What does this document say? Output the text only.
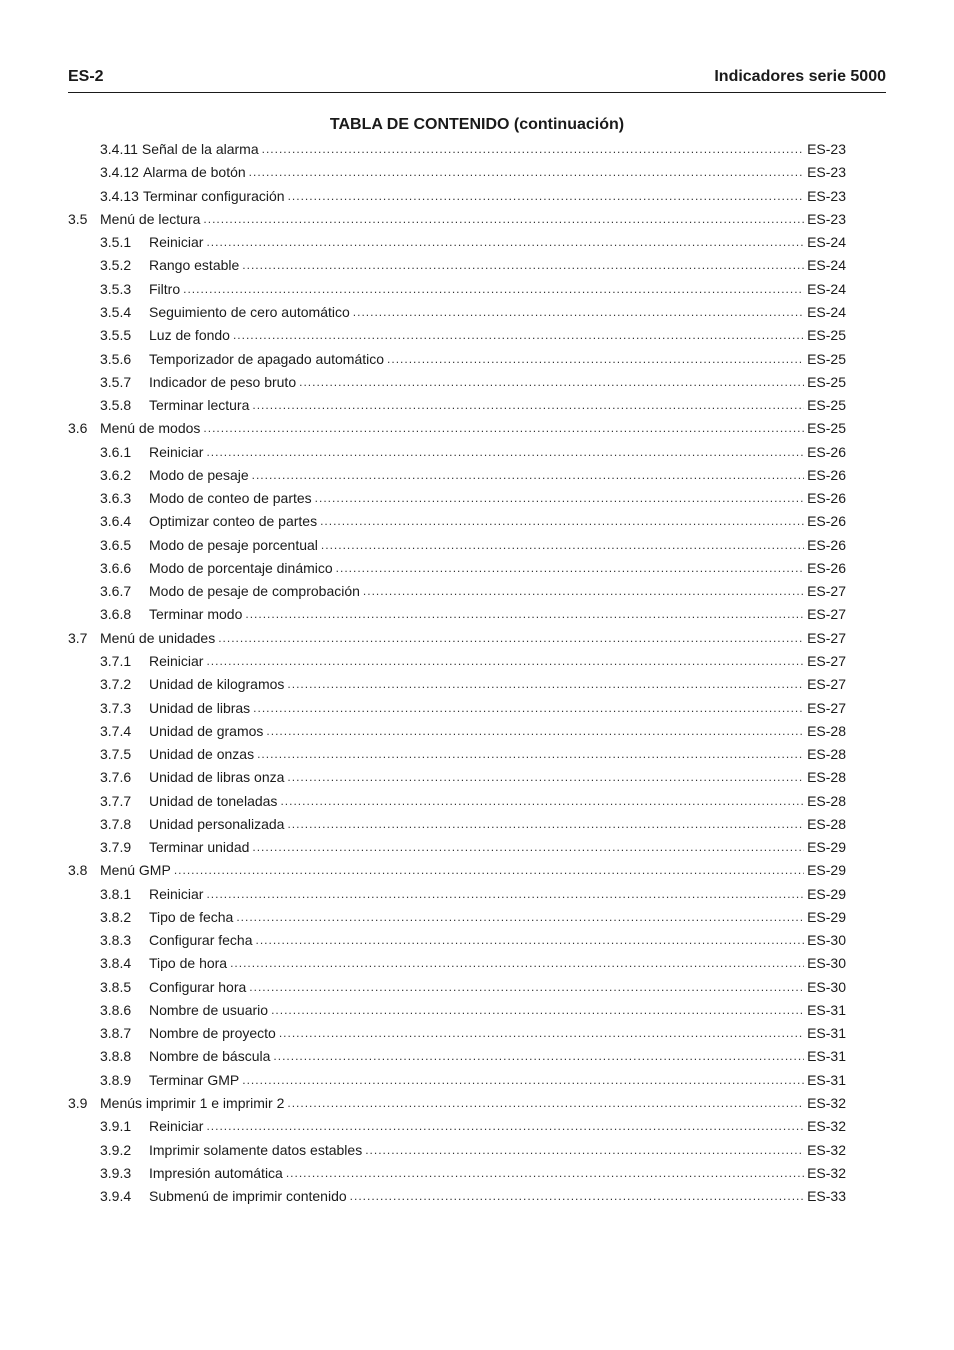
ES-2	Indicadores serie 5000
TABLA DE CONTENIDO (continuación)
3.4.11 Señal de la alarma .....	ES-23
3.4.12 Alarma de botón .....	ES-23
3.4.13 Terminar configuración .....	ES-23
3.5 Menú de lectura .....	ES-23
3.5.1	Reiniciar .....	ES-24
3.5.2	Rango estable .....	ES-24
3.5.3	Filtro .....	ES-24
3.5.4	Seguimiento de cero automático .....	ES-24
3.5.5	Luz de fondo .....	ES-25
3.5.6	Temporizador de apagado automático .....	ES-25
3.5.7	Indicador de peso bruto .....	ES-25
3.5.8	Terminar lectura .....	ES-25
3.6 Menú de modos .....	ES-25
3.6.1	Reiniciar .....	ES-26
3.6.2	Modo de pesaje .....	ES-26
3.6.3	Modo de conteo de partes .....	ES-26
3.6.4	Optimizar conteo de partes .....	ES-26
3.6.5	Modo de pesaje porcentual .....	ES-26
3.6.6	Modo de porcentaje dinámico .....	ES-26
3.6.7	Modo de pesaje de comprobación .....	ES-27
3.6.8	Terminar modo .....	ES-27
3.7 Menú de unidades .....	ES-27
3.7.1	Reiniciar .....	ES-27
3.7.2	Unidad de kilogramos .....	ES-27
3.7.3	Unidad de libras .....	ES-27
3.7.4	Unidad de gramos .....	ES-28
3.7.5	Unidad de onzas .....	ES-28
3.7.6	Unidad de libras onza .....	ES-28
3.7.7	Unidad de toneladas .....	ES-28
3.7.8	Unidad personalizada .....	ES-28
3.7.9	Terminar unidad .....	ES-29
3.8 Menú GMP .....	ES-29
3.8.1	Reiniciar .....	ES-29
3.8.2	Tipo de fecha .....	ES-29
3.8.3	Configurar fecha .....	ES-30
3.8.4	Tipo de hora .....	ES-30
3.8.5	Configurar hora .....	ES-30
3.8.6	Nombre de usuario .....	ES-31
3.8.7	Nombre de proyecto .....	ES-31
3.8.8	Nombre de báscula .....	ES-31
3.8.9	Terminar GMP .....	ES-31
3.9 Menús imprimir 1 e imprimir 2 .....	ES-32
3.9.1	Reiniciar .....	ES-32
3.9.2	Imprimir solamente datos estables .....	ES-32
3.9.3	Impresión automática .....	ES-32
3.9.4	Submenú de imprimir contenido .....	ES-33
